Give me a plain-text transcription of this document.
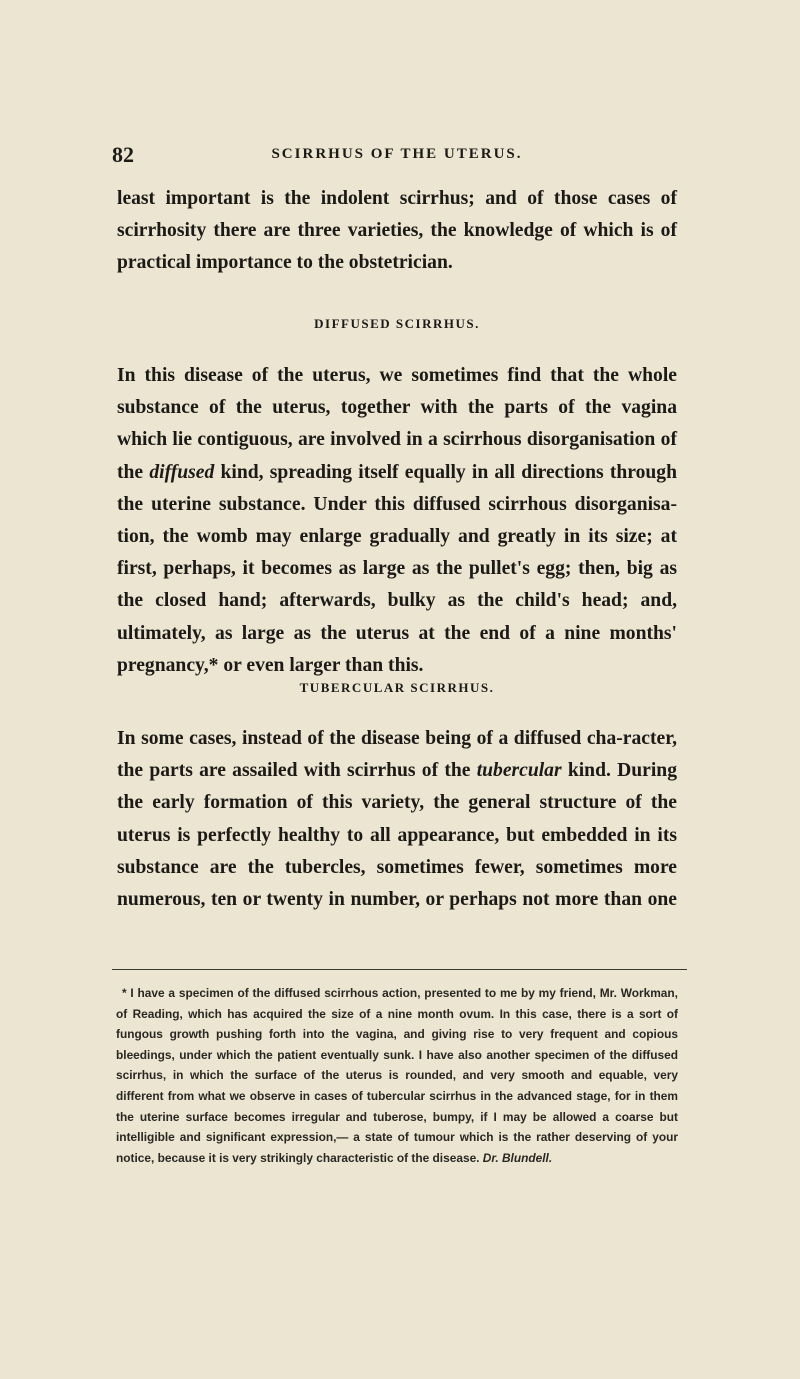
82	SCIRRHUS OF THE UTERUS.

least important is the indolent scirrhus; and of those cases of scirrhosity there are three varieties, the knowledge of which is of practical importance to the obstetrician.

DIFFUSED SCIRRHUS.

In this disease of the uterus, we sometimes find that the whole substance of the uterus, together with the parts of the vagina which lie contiguous, are involved in a scirrhous disorganisation of the diffused kind, spreading itself equally in all directions through the uterine substance. Under this diffused scirrhous disorganisa-tion, the womb may enlarge gradually and greatly in its size; at first, perhaps, it becomes as large as the pullet's egg; then, big as the closed hand; afterwards, bulky as the child's head; and, ultimately, as large as the uterus at the end of a nine months' pregnancy,* or even larger than this.

TUBERCULAR SCIRRHUS.

In some cases, instead of the disease being of a diffused cha-racter, the parts are assailed with scirrhus of the tubercular kind. During the early formation of this variety, the general structure of the uterus is perfectly healthy to all appearance, but embedded in its substance are the tubercles, sometimes fewer, sometimes more numerous, ten or twenty in number, or perhaps not more than one

 * I have a specimen of the diffused scirrhous action, presented to me by my friend, Mr. Workman, of Reading, which has acquired the size of a nine month ovum. In this case, there is a sort of fungous growth pushing forth into the vagina, and giving rise to very frequent and copious bleedings, under which the patient eventually sunk. I have also another specimen of the diffused scirrhus, in which the surface of the uterus is rounded, and very smooth and equable, very different from what we observe in cases of tubercular scirrhus in the advanced stage, for in them the uterine surface becomes irregular and tuberose, bumpy, if I may be allowed a coarse but intelligible and significant expression,— a state of tumour which is the rather deserving of your notice, because it is very strikingly characteristic of the disease. Dr. Blundell.
